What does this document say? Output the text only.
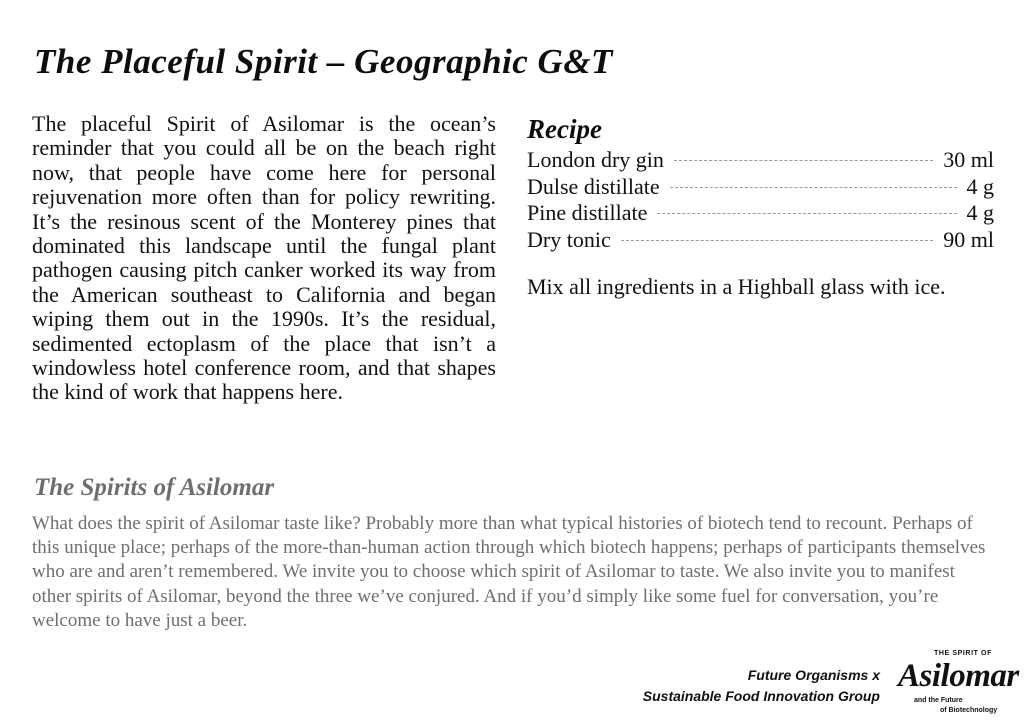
The Placeful Spirit – Geographic G&T
The placeful Spirit of Asilomar is the ocean’s reminder that you could all be on the beach right now, that people have come here for personal rejuvenation more often than for policy rewriting. It’s the resinous scent of the Monterey pines that dominated this landscape until the fungal plant pathogen causing pitch canker worked its way from the American southeast to California and began wiping them out in the 1990s. It’s the residual, sedimented ectoplasm of the place that isn’t a windowless hotel conference room, and that shapes the kind of work that happens here.
Recipe
London dry gin	30 ml
Dulse distillate	4 g
Pine distillate	4 g
Dry tonic	90 ml
Mix all ingredients in a Highball glass with ice.
The Spirits of Asilomar
What does the spirit of Asilomar taste like? Probably more than what typical histories of biotech tend to recount. Perhaps of this unique place; perhaps of the more-than-human action through which biotech happens; perhaps of participants themselves who are and aren’t remembered. We invite you to choose which spirit of Asilomar to taste. We also invite you to manifest other spirits of Asilomar, beyond the three we’ve conjured. And if you’d simply like some fuel for conversation, you’re welcome to have just a beer.
Future Organisms x
Sustainable Food Innovation Group
THE SPIRIT OF
Asilomar
and the Future
of Biotechnology
